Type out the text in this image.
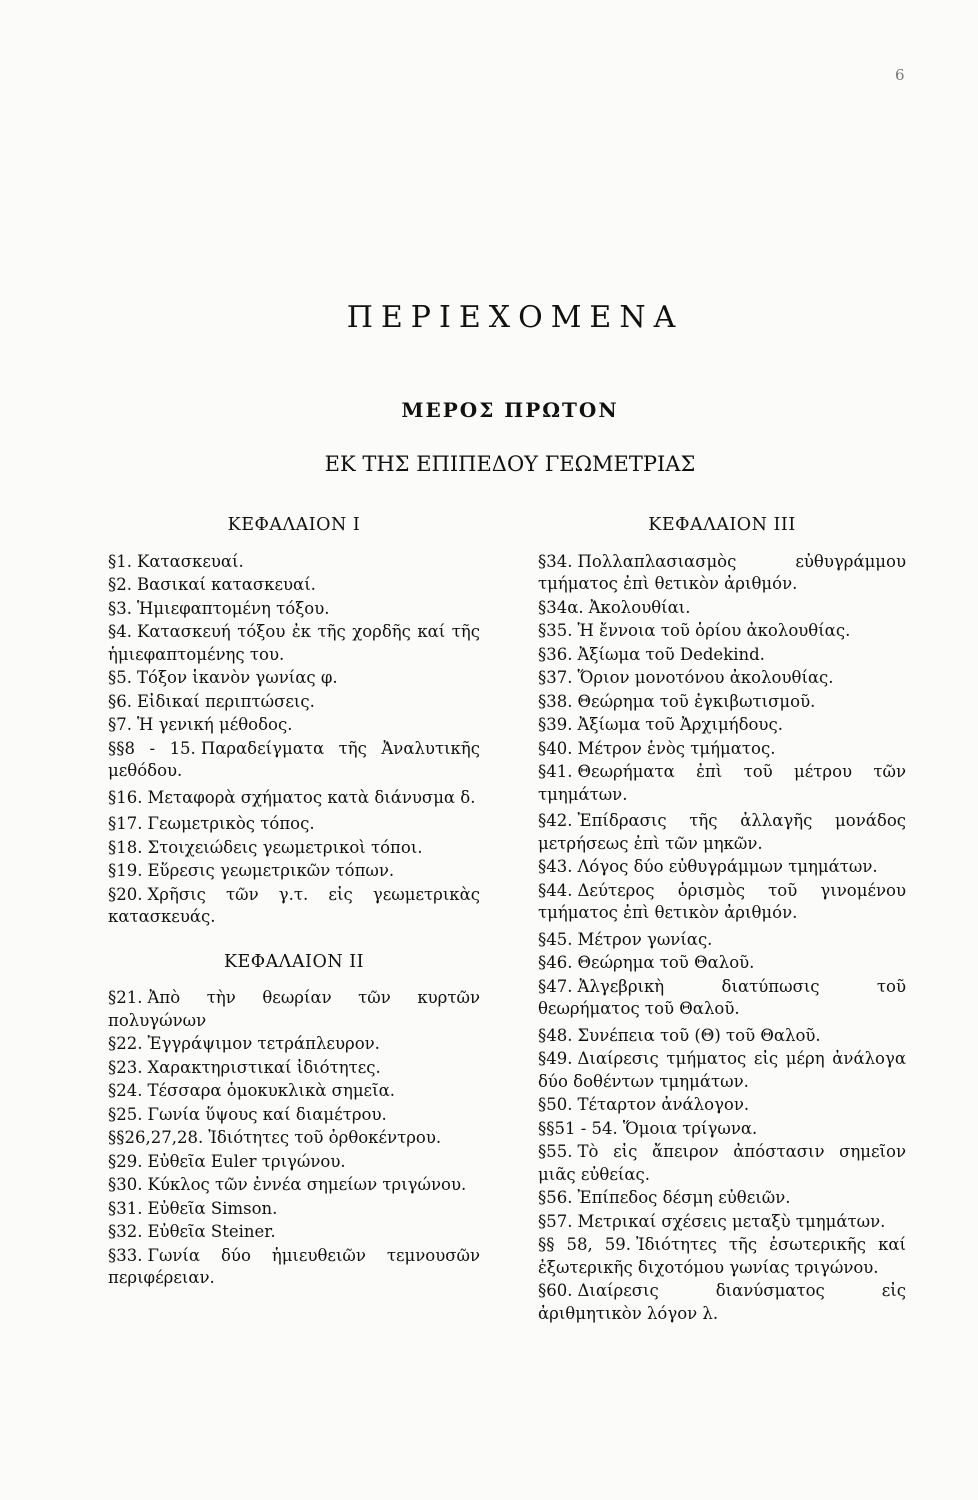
6
ΠΕΡΙΕΧΟΜΕΝΑ
ΜΕΡΟΣ ΠΡΩΤΟΝ
ΕΚ ΤΗΣ ΕΠΙΠΕΔΟΥ ΓΕΩΜΕΤΡΙΑΣ
ΚΕΦΑΛΑΙΟΝ Ι
§1. Κατασκευαί.
§2. Βασικαί κατασκευαί.
§3. Ἡμιεφαπτομένη τόξου.
§4. Κατασκευή τόξου ἐκ τῆς χορδῆς καί τῆς ἡμιεφαπτομένης του.
§5. Τόξον ἱκανὸν γωνίας φ.
§6. Εἰδικαί περιπτώσεις.
§7. Ἡ γενική μέθοδος.
§§8 - 15. Παραδείγματα τῆς Ἀναλυτικῆς μεθόδου.
§16. Μεταφορὰ σχήματος κατὰ διάνυσμα δ.
§17. Γεωμετρικὸς τόπος.
§18. Στοιχειώδεις γεωμετρικοὶ τόποι.
§19. Εὕρεσις γεωμετρικῶν τόπων.
§20. Χρῆσις τῶν γ.τ. εἰς γεωμετρικὰς κατασκευάς.
ΚΕΦΑΛΑΙΟΝ ΙΙ
§21. Ἀπὸ τὴν θεωρίαν τῶν κυρτῶν πολυγώνων
§22. Ἐγγράψιμον τετράπλευρον.
§23. Χαρακτηριστικαί ἰδιότητες.
§24. Τέσσαρα ὁμοκυκλικὰ σημεῖα.
§25. Γωνία ὕψους καί διαμέτρου.
§§26,27,28. Ἰδιότητες τοῦ ὀρθοκέντρου.
§29. Εὐθεῖα Euler τριγώνου.
§30. Κύκλος τῶν ἐννέα σημείων τριγώνου.
§31. Εὐθεῖα Simson.
§32. Εὐθεῖα Steiner.
§33. Γωνία δύο ἡμιευθειῶν τεμνουσῶν περιφέρειαν.
ΚΕΦΑΛΑΙΟΝ ΙΙΙ
§34. Πολλαπλασιασμὸς εὐθυγράμμου τμήματος ἐπὶ θετικὸν ἀριθμόν.
§34α. Ἀκολουθίαι.
§35. Ἡ ἔννοια τοῦ ὁρίου ἀκολουθίας.
§36. Ἀξίωμα τοῦ Dedekind.
§37. Ὅριον μονοτόνου ἀκολουθίας.
§38. Θεώρημα τοῦ ἐγκιβωτισμοῦ.
§39. Ἀξίωμα τοῦ Ἀρχιμήδους.
§40. Μέτρον ἑνὸς τμήματος.
§41. Θεωρήματα ἐπὶ τοῦ μέτρου τῶν τμημάτων.
§42. Ἐπίδρασις τῆς ἀλλαγῆς μονάδος μετρήσεως ἐπὶ τῶν μηκῶν.
§43. Λόγος δύο εὐθυγράμμων τμημάτων.
§44. Δεύτερος ὁρισμὸς τοῦ γινομένου τμήματος ἐπὶ θετικὸν ἀριθμόν.
§45. Μέτρον γωνίας.
§46. Θεώρημα τοῦ Θαλοῦ.
§47. Ἀλγεβρικὴ διατύπωσις τοῦ θεωρήματος τοῦ Θαλοῦ.
§48. Συνέπεια τοῦ (Θ) τοῦ Θαλοῦ.
§49. Διαίρεσις τμήματος εἰς μέρη ἀνάλογα δύο δοθέντων τμημάτων.
§50. Τέταρτον ἀνάλογον.
§§51 - 54. Ὅμοια τρίγωνα.
§55. Τὸ εἰς ἄπειρον ἀπόστασιν σημεῖον μιᾶς εὐθείας.
§56. Ἐπίπεδος δέσμη εὐθειῶν.
§57. Μετρικαί σχέσεις μεταξὺ τμημάτων.
§§ 58, 59. Ἰδιότητες τῆς ἐσωτερικῆς καί ἐξωτερικῆς διχοτόμου γωνίας τριγώνου.
§60. Διαίρεσις διανύσματος εἰς ἀριθμητικὸν λόγον λ.
